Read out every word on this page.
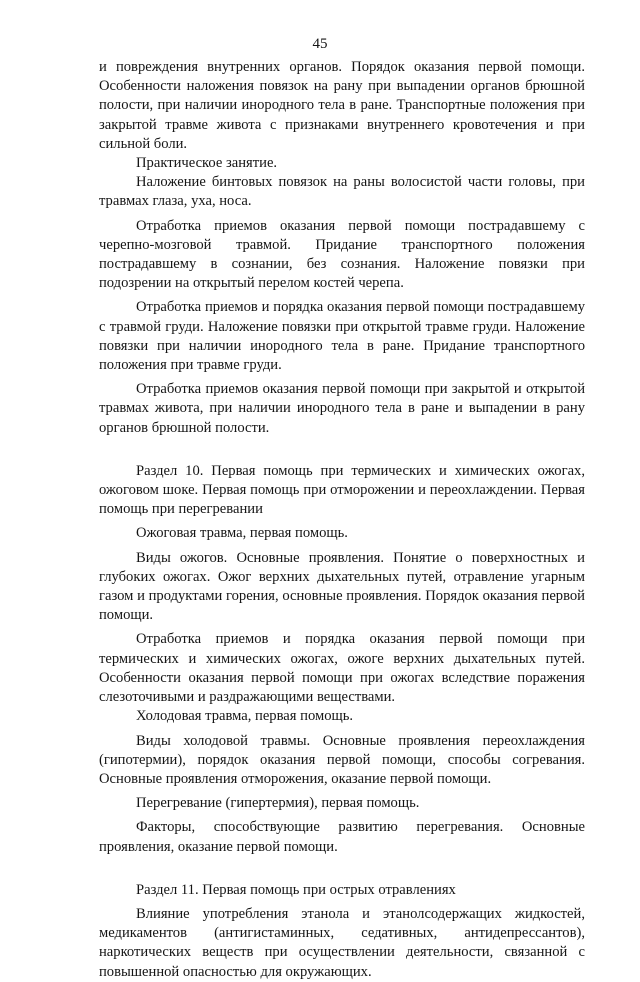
45

и повреждения внутренних органов. Порядок оказания первой помощи. Особенности наложения повязок на рану при выпадении органов брюшной полости, при наличии инородного тела в ране. Транспортные положения при закрытой травме живота с признаками внутреннего кровотечения и при сильной боли.

Практическое занятие.

Наложение бинтовых повязок на раны волосистой части головы, при травмах глаза, уха, носа.

Отработка приемов оказания первой помощи пострадавшему с черепно-мозговой травмой. Придание транспортного положения пострадавшему в сознании, без сознания. Наложение повязки при подозрении на открытый перелом костей черепа.

Отработка приемов и порядка оказания первой помощи пострадавшему с травмой груди. Наложение повязки при открытой травме груди. Наложение повязки при наличии инородного тела в ране. Придание транспортного положения при травме груди.

Отработка приемов оказания первой помощи при закрытой и открытой травмах живота, при наличии инородного тела в ране и выпадении в рану органов брюшной полости.

Раздел 10. Первая помощь при термических и химических ожогах, ожоговом шоке. Первая помощь при отморожении и переохлаждении. Первая помощь при перегревании

Ожоговая травма, первая помощь.

Виды ожогов. Основные проявления. Понятие о поверхностных и глубоких ожогах. Ожог верхних дыхательных путей, отравление угарным газом и продуктами горения, основные проявления. Порядок оказания первой помощи.

Отработка приемов и порядка оказания первой помощи при термических и химических ожогах, ожоге верхних дыхательных путей. Особенности оказания первой помощи при ожогах вследствие поражения слезоточивыми и раздражающими веществами.

Холодовая травма, первая помощь.

Виды холодовой травмы. Основные проявления переохлаждения (гипотермии), порядок оказания первой помощи, способы согревания. Основные проявления отморожения, оказание первой помощи.

Перегревание (гипертермия), первая помощь.

Факторы, способствующие развитию перегревания. Основные проявления, оказание первой помощи.

Раздел 11. Первая помощь при острых отравлениях

Влияние употребления этанола и этанолсодержащих жидкостей, медикаментов (антигистаминных, седативных, антидепрессантов), наркотических веществ при осуществлении деятельности, связанной с повышенной опасностью для окружающих.
